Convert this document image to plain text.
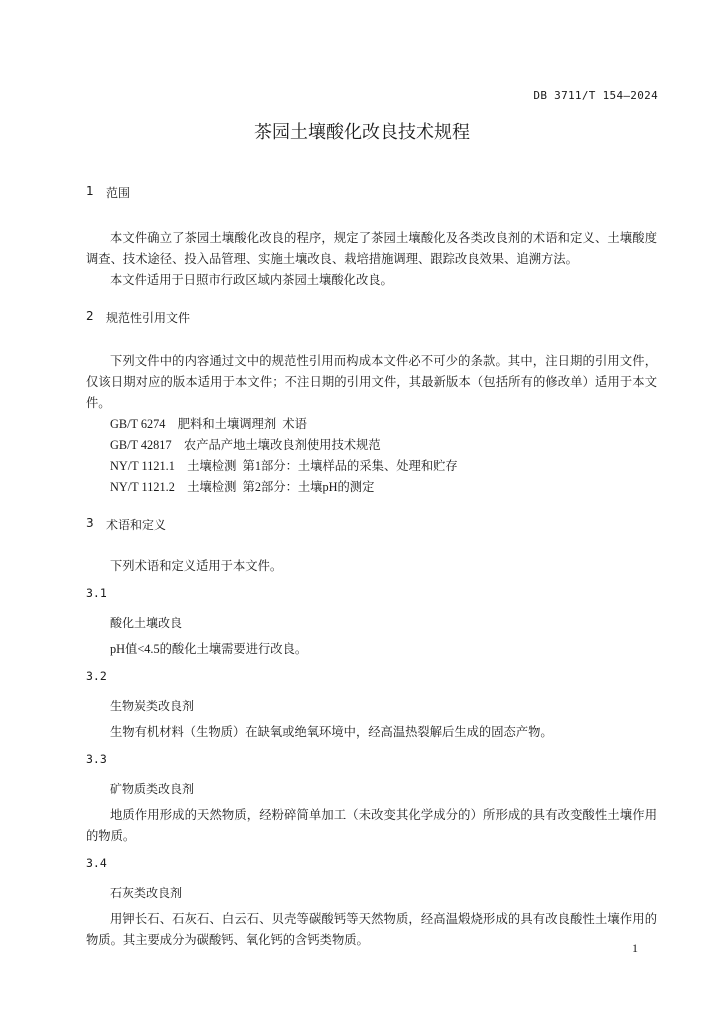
DB 3711/T 154—2024
茶园土壤酸化改良技术规程
1	范围

本文件确立了茶园土壤酸化改良的程序，规定了茶园土壤酸化及各类改良剂的术语和定义、土壤酸度调查、技术途径、投入品管理、实施土壤改良、栽培措施调理、跟踪改良效果、追溯方法。

本文件适用于日照市行政区域内茶园土壤酸化改良。

2	规范性引用文件

下列文件中的内容通过文中的规范性引用而构成本文件必不可少的条款。其中，注日期的引用文件，仅该日期对应的版本适用于本文件；不注日期的引用文件，其最新版本（包括所有的修改单）适用于本文件。

GB/T 6274　肥料和土壤调理剂  术语
GB/T 42817　农产品产地土壤改良剂使用技术规范
NY/T 1121.1　土壤检测  第1部分：土壤样品的采集、处理和贮存
NY/T 1121.2　土壤检测  第2部分：土壤pH的测定
3	术语和定义

下列术语和定义适用于本文件。

3.1
酸化土壤改良

pH值<4.5的酸化土壤需要进行改良。

3.2
生物炭类改良剂

生物有机材料（生物质）在缺氧或绝氧环境中，经高温热裂解后生成的固态产物。

3.3
矿物质类改良剂

地质作用形成的天然物质，经粉碎简单加工（未改变其化学成分的）所形成的具有改变酸性土壤作用的物质。

3.4
石灰类改良剂

用钾长石、石灰石、白云石、贝壳等碳酸钙等天然物质，经高温煅烧形成的具有改良酸性土壤作用的物质。其主要成分为碳酸钙、氧化钙的含钙类物质。

1
